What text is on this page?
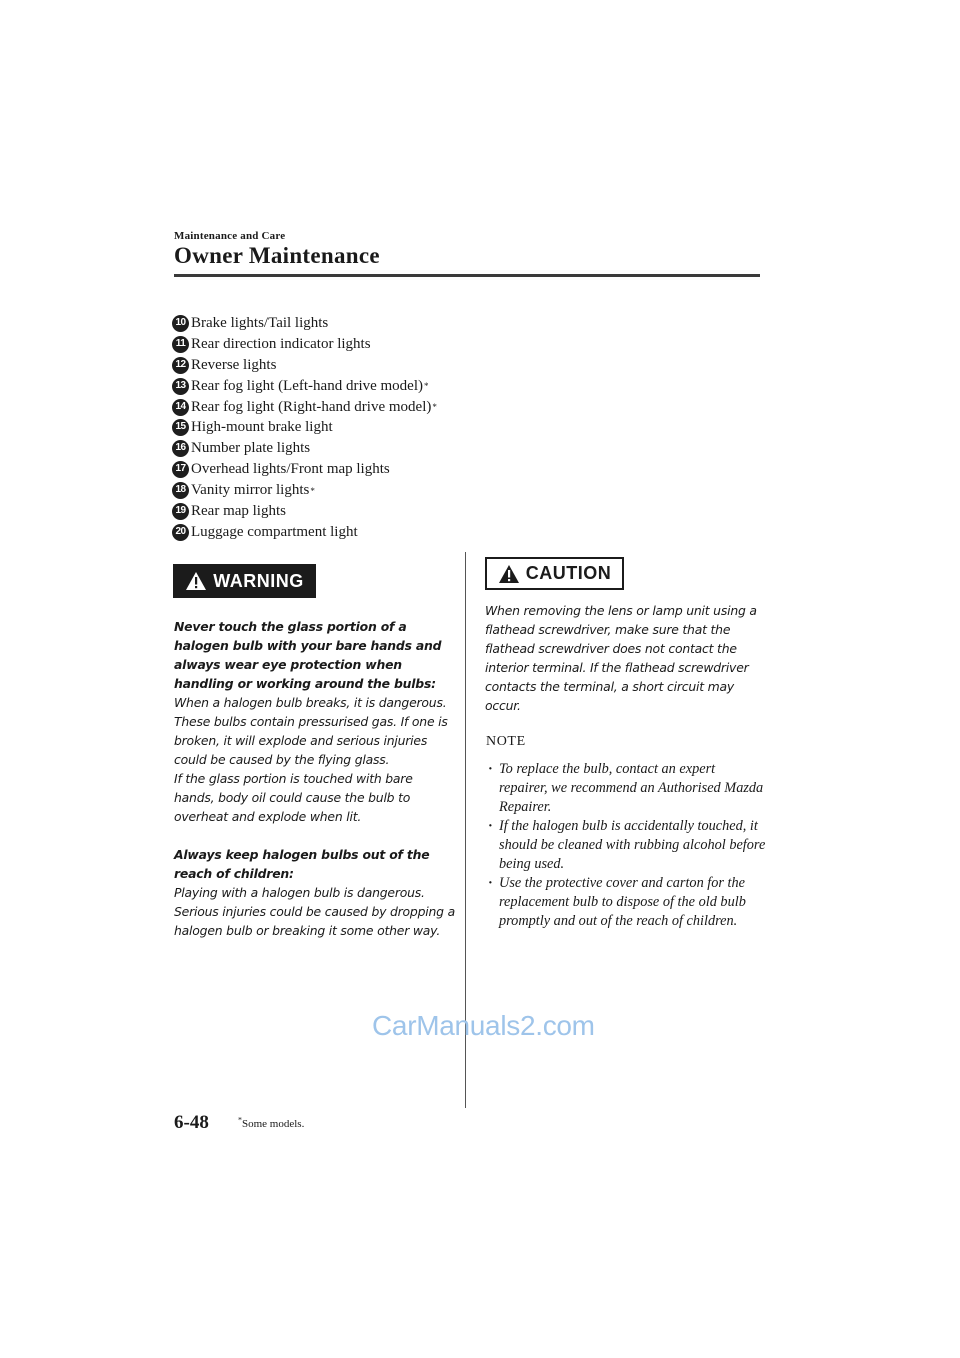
Maintenance and Care
Owner Maintenance
10 Brake lights/Tail lights
11 Rear direction indicator lights
12 Reverse lights
13 Rear fog light (Left-hand drive model) *
14 Rear fog light (Right-hand drive model) *
15 High-mount brake light
16 Number plate lights
17 Overhead lights/Front map lights
18 Vanity mirror lights *
19 Rear map lights
20 Luggage compartment light
WARNING

Never touch the glass portion of a halogen bulb with your bare hands and always wear eye protection when handling or working around the bulbs:

When a halogen bulb breaks, it is dangerous. These bulbs contain pressurised gas. If one is broken, it will explode and serious injuries could be caused by the flying glass.

If the glass portion is touched with bare hands, body oil could cause the bulb to overheat and explode when lit.

Always keep halogen bulbs out of the reach of children:

Playing with a halogen bulb is dangerous. Serious injuries could be caused by dropping a halogen bulb or breaking it some other way.

CAUTION
When removing the lens or lamp unit using a flathead screwdriver, make sure that the flathead screwdriver does not contact the interior terminal. If the flathead screwdriver contacts the terminal, a short circuit may occur.
NOTE
· To replace the bulb, contact an expert repairer, we recommend an Authorised Mazda Repairer.
· If the halogen bulb is accidentally touched, it should be cleaned with rubbing alcohol before being used.
· Use the protective cover and carton for the replacement bulb to dispose of the old bulb promptly and out of the reach of children.
CarManuals2.com
6-48	*Some models.
